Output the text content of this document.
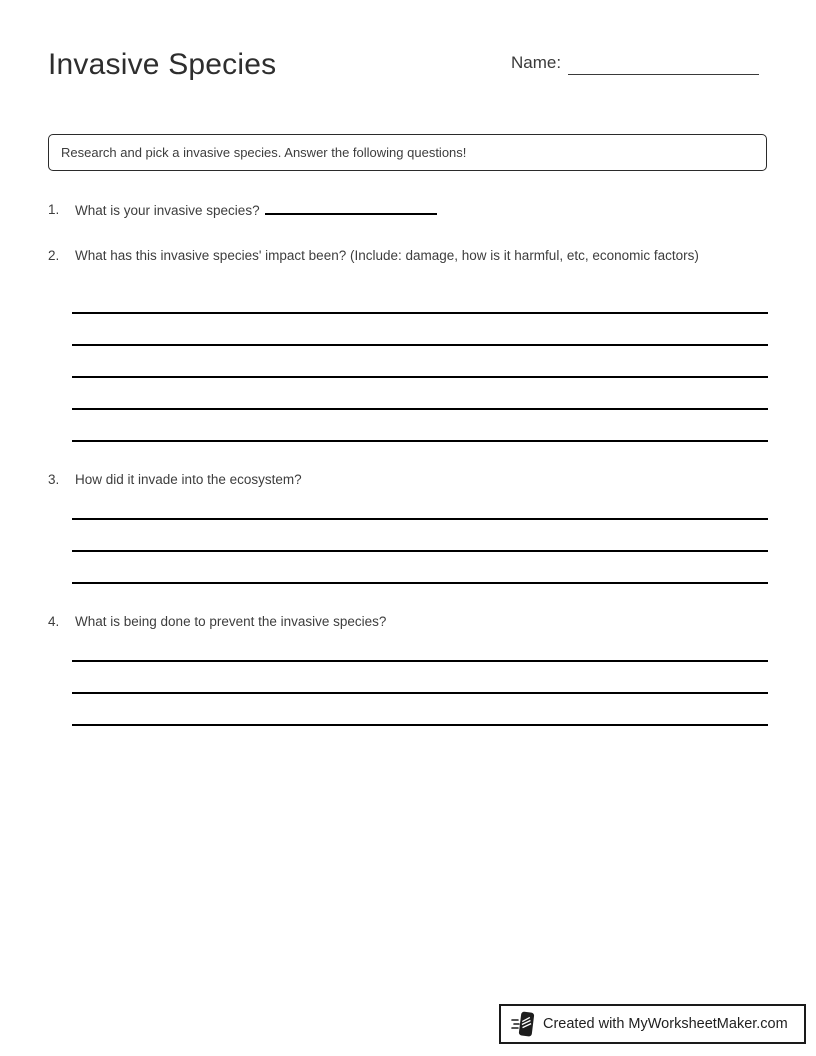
Invasive Species	Name:
Research and pick a invasive species. Answer the following questions!
1.	What is your invasive species?
2.	What has this invasive species' impact been? (Include: damage, how is it harmful, etc, economic factors)
3.	How did it invade into the ecosystem?
4.	What is being done to prevent the invasive species?
Created with MyWorksheetMaker.com
